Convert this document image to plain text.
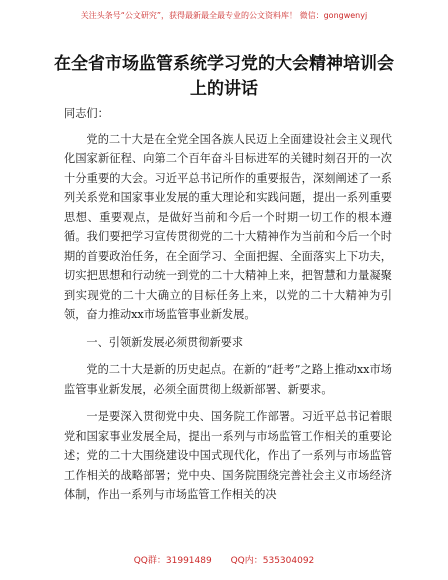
关注头条号“公文研究”，获得最新最全最专业的公文资料库！ 微信：gongwenyj
在全省市场监管系统学习党的大会精神培训会
上的讲话

同志们：

党的二十大是在全党全国各族人民迈上全面建设社会主义现代化国家新征程、向第二个百年奋斗目标进军的关键时刻召开的一次十分重要的大会。习近平总书记所作的重要报告，深刻阐述了一系列关系党和国家事业发展的重大理论和实践问题，提出一系列重要思想、重要观点，是做好当前和今后一个时期一切工作的根本遵循。我们要把学习宣传贯彻党的二十大精神作为当前和今后一个时期的首要政治任务，在全面学习、全面把握、全面落实上下功夫，切实把思想和行动统一到党的二十大精神上来，把智慧和力量凝聚到实现党的二十大确立的目标任务上来，以党的二十大精神为引领，奋力推动xx市场监管事业新发展。

一、引领新发展必须贯彻新要求

党的二十大是新的历史起点。在新的“赶考”之路上推动xx市场监管事业新发展，必须全面贯彻上级新部署、新要求。

一是要深入贯彻党中央、国务院工作部署。习近平总书记着眼党和国家事业发展全局，提出一系列与市场监管工作相关的重要论述；党的二十大围绕建设中国式现代化，作出了一系列与市场监管工作相关的战略部署；党中央、国务院围绕完善社会主义市场经济体制，作出一系列与市场监管工作相关的决

QQ群：31991489 QQ内：535304092
